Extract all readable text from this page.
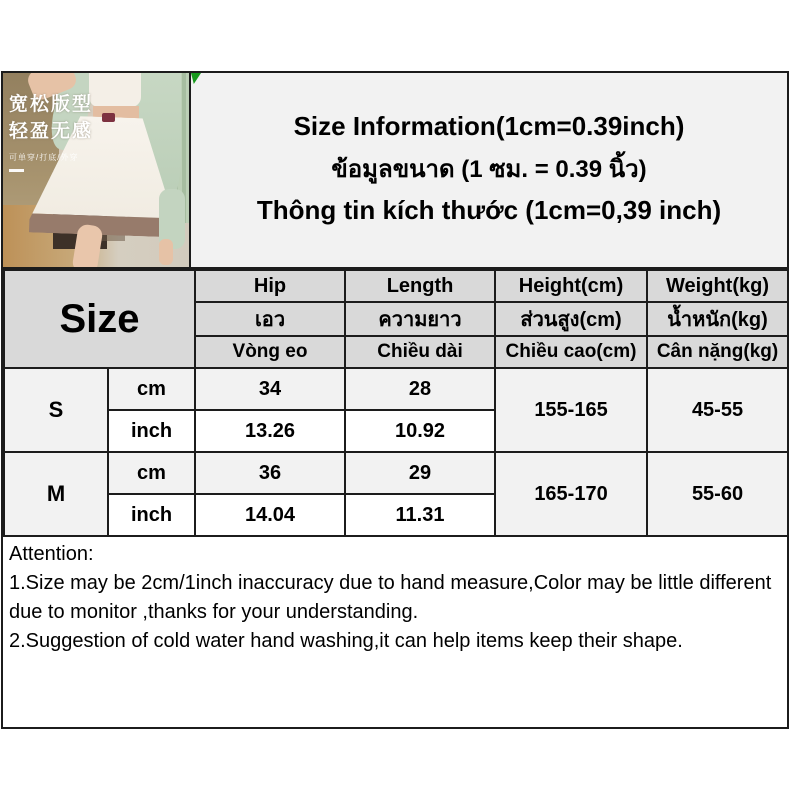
宽松版型
轻盈无感
可单穿/打底/外穿
Size Information(1cm=0.39inch)
ข้อมูลขนาด (1 ซม. = 0.39 นิ้ว)
Thông tin kích thước (1cm=0,39 inch)
Size		Hip	Length	Height(cm)	Weight(kg)
		เอว	ความยาว	ส่วนสูง(cm)	น้ำหนัก(kg)
		Vòng eo	Chiều dài	Chiều cao(cm)	Cân nặng(kg)
S	cm	34	28	155-165	45-55
	inch	13.26	10.92		
M	cm	36	29	165-170	55-60
	inch	14.04	11.31		
Attention:
1.Size may be 2cm/1inch inaccuracy due to hand measure,Color may be little different due to monitor ,thanks for your understanding.
2.Suggestion of cold water hand washing,it can help items keep their shape.
